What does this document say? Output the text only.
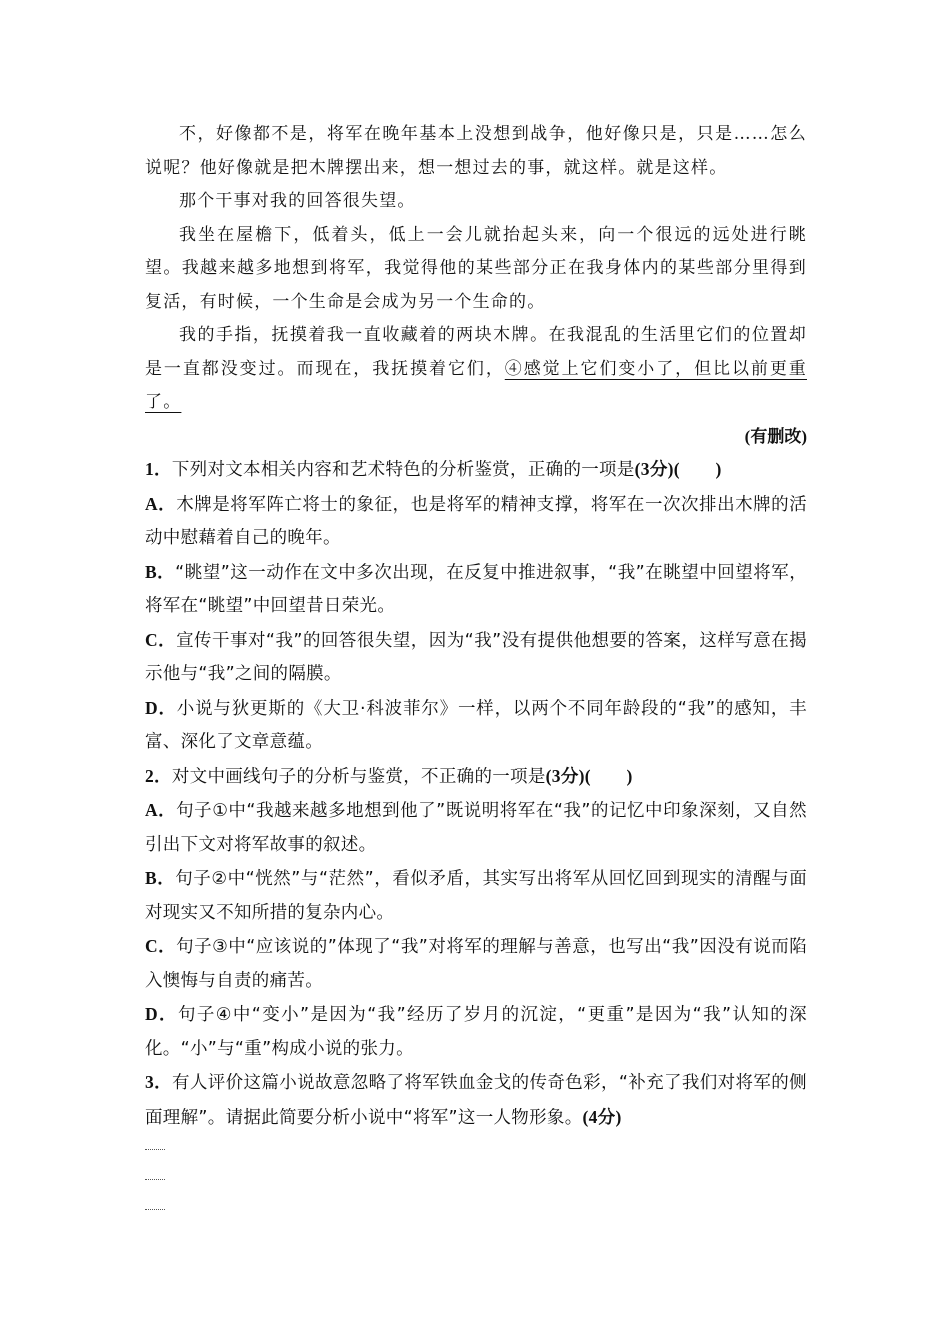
不，好像都不是，将军在晚年基本上没想到战争，他好像只是，只是……怎么说呢？他好像就是把木牌摆出来，想一想过去的事，就这样。就是这样。

那个干事对我的回答很失望。

我坐在屋檐下，低着头，低上一会儿就抬起头来，向一个很远的远处进行眺望。我越来越多地想到将军，我觉得他的某些部分正在我身体内的某些部分里得到复活，有时候，一个生命是会成为另一个生命的。

我的手指，抚摸着我一直收藏着的两块木牌。在我混乱的生活里它们的位置却是一直都没变过。而现在，我抚摸着它们，④感觉上它们变小了，但比以前更重了。

(有删改)

1．下列对文本相关内容和艺术特色的分析鉴赏，正确的一项是(3分)(　　)

A．木牌是将军阵亡将士的象征，也是将军的精神支撑，将军在一次次排出木牌的活动中慰藉着自己的晚年。

B．“眺望”这一动作在文中多次出现，在反复中推进叙事，“我”在眺望中回望将军，将军在“眺望”中回望昔日荣光。

C．宣传干事对“我”的回答很失望，因为“我”没有提供他想要的答案，这样写意在揭示他与“我”之间的隔膜。

D．小说与狄更斯的《大卫·科波菲尔》一样，以两个不同年龄段的“我”的感知，丰富、深化了文章意蕴。

2．对文中画线句子的分析与鉴赏，不正确的一项是(3分)(　　)

A．句子①中“我越来越多地想到他了”既说明将军在“我”的记忆中印象深刻，又自然引出下文对将军故事的叙述。

B．句子②中“恍然”与“茫然”，看似矛盾，其实写出将军从回忆回到现实的清醒与面对现实又不知所措的复杂内心。

C．句子③中“应该说的”体现了“我”对将军的理解与善意，也写出“我”因没有说而陷入懊悔与自责的痛苦。

D．句子④中“变小”是因为“我”经历了岁月的沉淀，“更重”是因为“我”认知的深化。“小”与“重”构成小说的张力。

3．有人评价这篇小说故意忽略了将军铁血金戈的传奇色彩，“补充了我们对将军的侧面理解”。请据此简要分析小说中“将军”这一人物形象。(4分)
